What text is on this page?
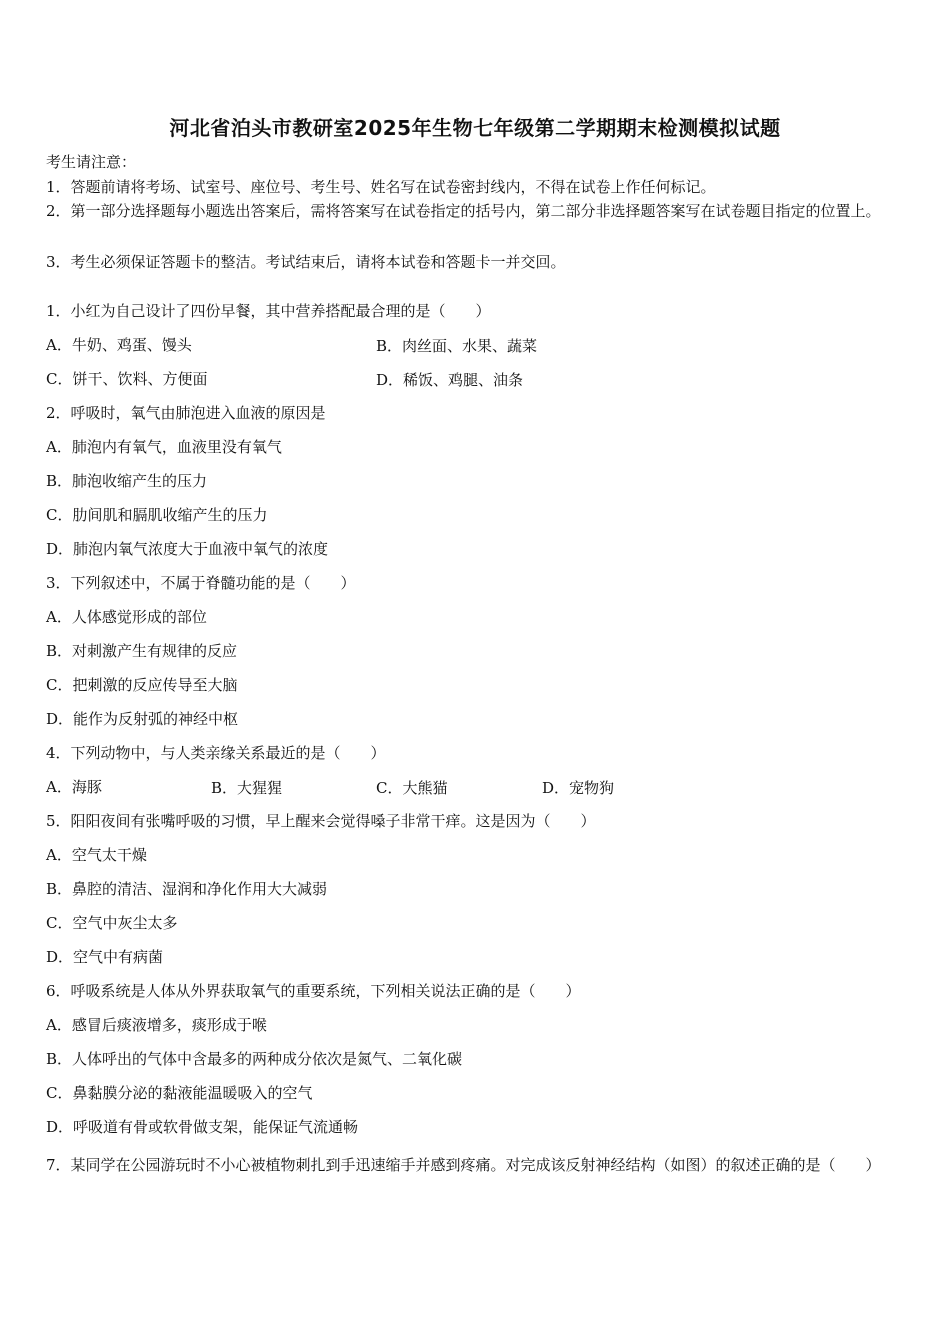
河北省泊头市教研室2025年生物七年级第二学期期末检测模拟试题
考生请注意：
1．答题前请将考场、试室号、座位号、考生号、姓名写在试卷密封线内，不得在试卷上作任何标记。
2．第一部分选择题每小题选出答案后，需将答案写在试卷指定的括号内，第二部分非选择题答案写在试卷题目指定的位置上。
3．考生必须保证答题卡的整洁。考试结束后，请将本试卷和答题卡一并交回。
1．小红为自己设计了四份早餐，其中营养搭配最合理的是（　　）
A．牛奶、鸡蛋、馒头	B．肉丝面、水果、蔬菜
C．饼干、饮料、方便面	D．稀饭、鸡腿、油条
2．呼吸时，氧气由肺泡进入血液的原因是
A．肺泡内有氧气，血液里没有氧气
B．肺泡收缩产生的压力
C．肋间肌和膈肌收缩产生的压力
D．肺泡内氧气浓度大于血液中氧气的浓度
3．下列叙述中，不属于脊髓功能的是（　　）
A．人体感觉形成的部位
B．对刺激产生有规律的反应
C．把刺激的反应传导至大脑
D．能作为反射弧的神经中枢
4．下列动物中，与人类亲缘关系最近的是（　　）
A．海豚	B．大猩猩	C．大熊猫	D．宠物狗
5．阳阳夜间有张嘴呼吸的习惯，早上醒来会觉得嗓子非常干痒。这是因为（　　）
A．空气太干燥
B．鼻腔的清洁、湿润和净化作用大大减弱
C．空气中灰尘太多
D．空气中有病菌
6．呼吸系统是人体从外界获取氧气的重要系统，下列相关说法正确的是（　　）
A．感冒后痰液增多，痰形成于喉
B．人体呼出的气体中含最多的两种成分依次是氮气、二氧化碳
C．鼻黏膜分泌的黏液能温暖吸入的空气
D．呼吸道有骨或软骨做支架，能保证气流通畅
7．某同学在公园游玩时不小心被植物刺扎到手迅速缩手并感到疼痛。对完成该反射神经结构（如图）的叙述正确的是（　　）
